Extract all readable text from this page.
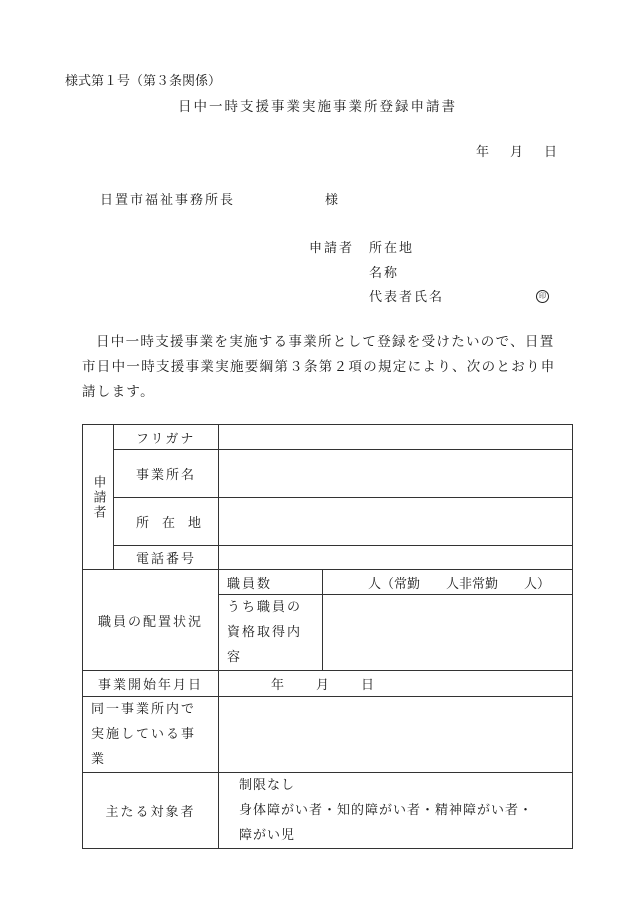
様式第１号（第３条関係）
日中一時支援事業実施事業所登録申請書
年　月　日
日置市福祉事務所長	様
申請者 所在地
名称
代表者氏名	印

日中一時支援事業を実施する事業所として登録を受けたいので、日置

市日中一時支援事業実施要綱第３条第２項の規定により、次のとおり申

請します。

申請者	フリガナ		
	事業所名		
	所　在　地		
	電話番号		
職員の配置状況		職員数	人（常勤　　人非常勤　　人）
		うち職員の資格取得内容	
事業開始年月日		年　　月　　日	
同一事業所内で実施している事業			
主たる対象者		制限なし
身体障がい者・知的障がい者・精神障がい者・
障がい児	
